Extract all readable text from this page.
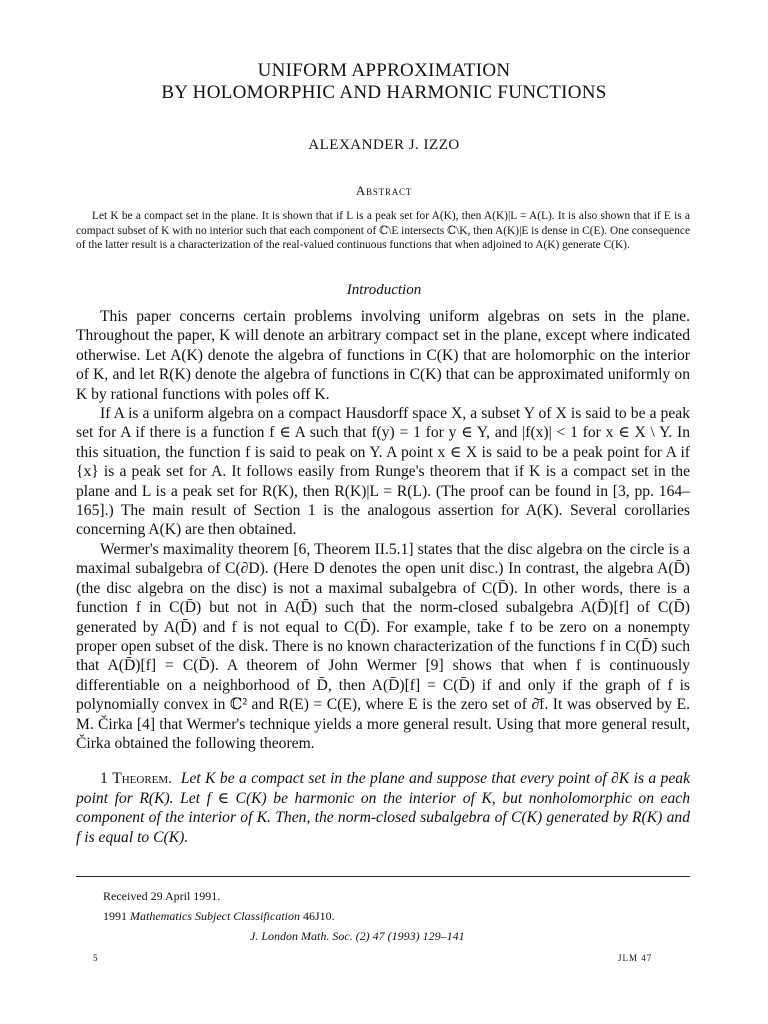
UNIFORM APPROXIMATION
BY HOLOMORPHIC AND HARMONIC FUNCTIONS
ALEXANDER J. IZZO
Abstract

Let K be a compact set in the plane. It is shown that if L is a peak set for A(K), then A(K)|L = A(L). It is also shown that if E is a compact subset of K with no interior such that each component of ℂ\E intersects ℂ\K, then A(K)|E is dense in C(E). One consequence of the latter result is a characterization of the real-valued continuous functions that when adjoined to A(K) generate C(K).

Introduction

This paper concerns certain problems involving uniform algebras on sets in the plane. Throughout the paper, K will denote an arbitrary compact set in the plane, except where indicated otherwise. Let A(K) denote the algebra of functions in C(K) that are holomorphic on the interior of K, and let R(K) denote the algebra of functions in C(K) that can be approximated uniformly on K by rational functions with poles off K.

If A is a uniform algebra on a compact Hausdorff space X, a subset Y of X is said to be a peak set for A if there is a function f ∈ A such that f(y) = 1 for y ∈ Y, and |f(x)| < 1 for x ∈ X \ Y. In this situation, the function f is said to peak on Y. A point x ∈ X is said to be a peak point for A if {x} is a peak set for A. It follows easily from Runge's theorem that if K is a compact set in the plane and L is a peak set for R(K), then R(K)|L = R(L). (The proof can be found in [3, pp. 164–165].) The main result of Section 1 is the analogous assertion for A(K). Several corollaries concerning A(K) are then obtained.

Wermer's maximality theorem [6, Theorem II.5.1] states that the disc algebra on the circle is a maximal subalgebra of C(∂D). (Here D denotes the open unit disc.) In contrast, the algebra A(D̄) (the disc algebra on the disc) is not a maximal subalgebra of C(D̄). In other words, there is a function f in C(D̄) but not in A(D̄) such that the norm-closed subalgebra A(D̄)[f] of C(D̄) generated by A(D̄) and f is not equal to C(D̄). For example, take f to be zero on a nonempty proper open subset of the disk. There is no known characterization of the functions f in C(D̄) such that A(D̄)[f] = C(D̄). A theorem of John Wermer [9] shows that when f is continuously differentiable on a neighborhood of D̄, then A(D̄)[f] = C(D̄) if and only if the graph of f is polynomially convex in ℂ² and R(E) = C(E), where E is the zero set of ∂̄f. It was observed by E. M. Čirka [4] that Wermer's technique yields a more general result. Using that more general result, Čirka obtained the following theorem.

1 Theorem. Let K be a compact set in the plane and suppose that every point of ∂K is a peak point for R(K). Let f ∈ C(K) be harmonic on the interior of K, but nonholomorphic on each component of the interior of K. Then, the norm-closed subalgebra of C(K) generated by R(K) and f is equal to C(K).

Received 29 April 1991.
1991 Mathematics Subject Classification 46J10.
J. London Math. Soc. (2) 47 (1993) 129–141
5	JLM 47
